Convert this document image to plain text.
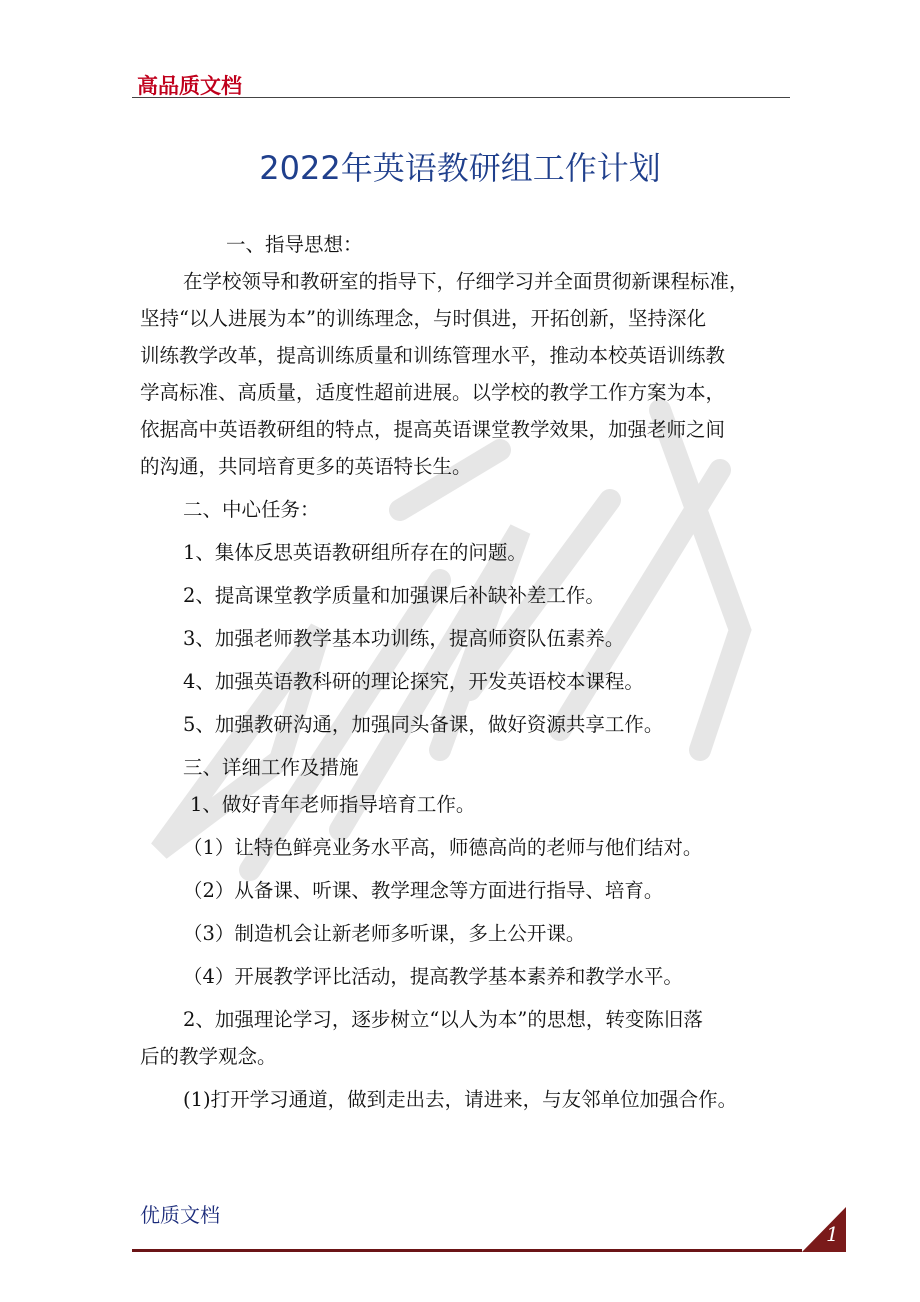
高品质文档
2022年英语教研组工作计划
一、指导思想：
在学校领导和教研室的指导下，仔细学习并全面贯彻新课程标准，
坚持“以人进展为本”的训练理念，与时俱进，开拓创新，坚持深化
训练教学改革，提高训练质量和训练管理水平，推动本校英语训练教
学高标准、高质量，适度性超前进展。以学校的教学工作方案为本，
依据高中英语教研组的特点，提高英语课堂教学效果，加强老师之间
的沟通，共同培育更多的英语特长生。
二、中心任务：
1、集体反思英语教研组所存在的问题。
2、提高课堂教学质量和加强课后补缺补差工作。
3、加强老师教学基本功训练，提高师资队伍素养。
4、加强英语教科研的理论探究，开发英语校本课程。
5、加强教研沟通，加强同头备课，做好资源共享工作。
三、详细工作及措施
1、做好青年老师指导培育工作。
（1）让特色鲜亮业务水平高，师德高尚的老师与他们结对。
（2）从备课、听课、教学理念等方面进行指导、培育。
（3）制造机会让新老师多听课，多上公开课。
（4）开展教学评比活动，提高教学基本素养和教学水平。
2、加强理论学习，逐步树立“以人为本”的思想，转变陈旧落
后的教学观念。
(1)打开学习通道，做到走出去，请进来，与友邻单位加强合作。
优质文档
1
